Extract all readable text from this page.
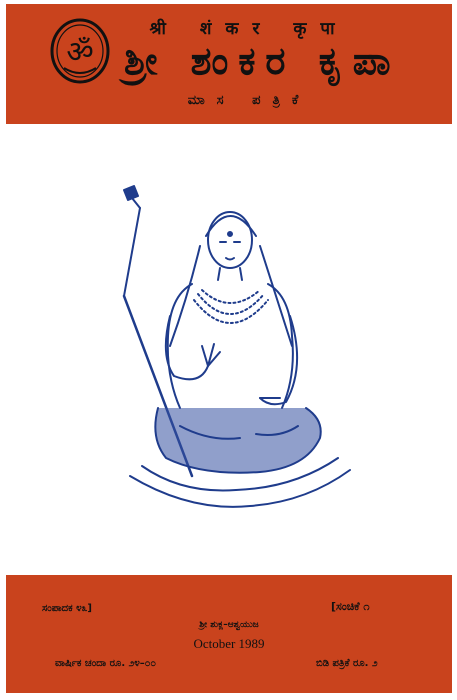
ॐ
श्री शंकर कृपा
ಶ್ರೀ ಶಂಕರ ಕೃಪಾ
ಮಾಸ ಪತ್ರಿಕೆ
ಸಂಪಾದಕ ೪೩]	[ಸಂಚಿಕೆ ೧
ಶ್ರೀ ಶುಕ್ಲ–ಆಶ್ವಯುಜ
October 1989
ವಾರ್ಷಿಕ ಚಂದಾ ರೂ. ೨೪–೦೦	ಬಿಡಿ ಪತ್ರಿಕೆ ರೂ. ೨
